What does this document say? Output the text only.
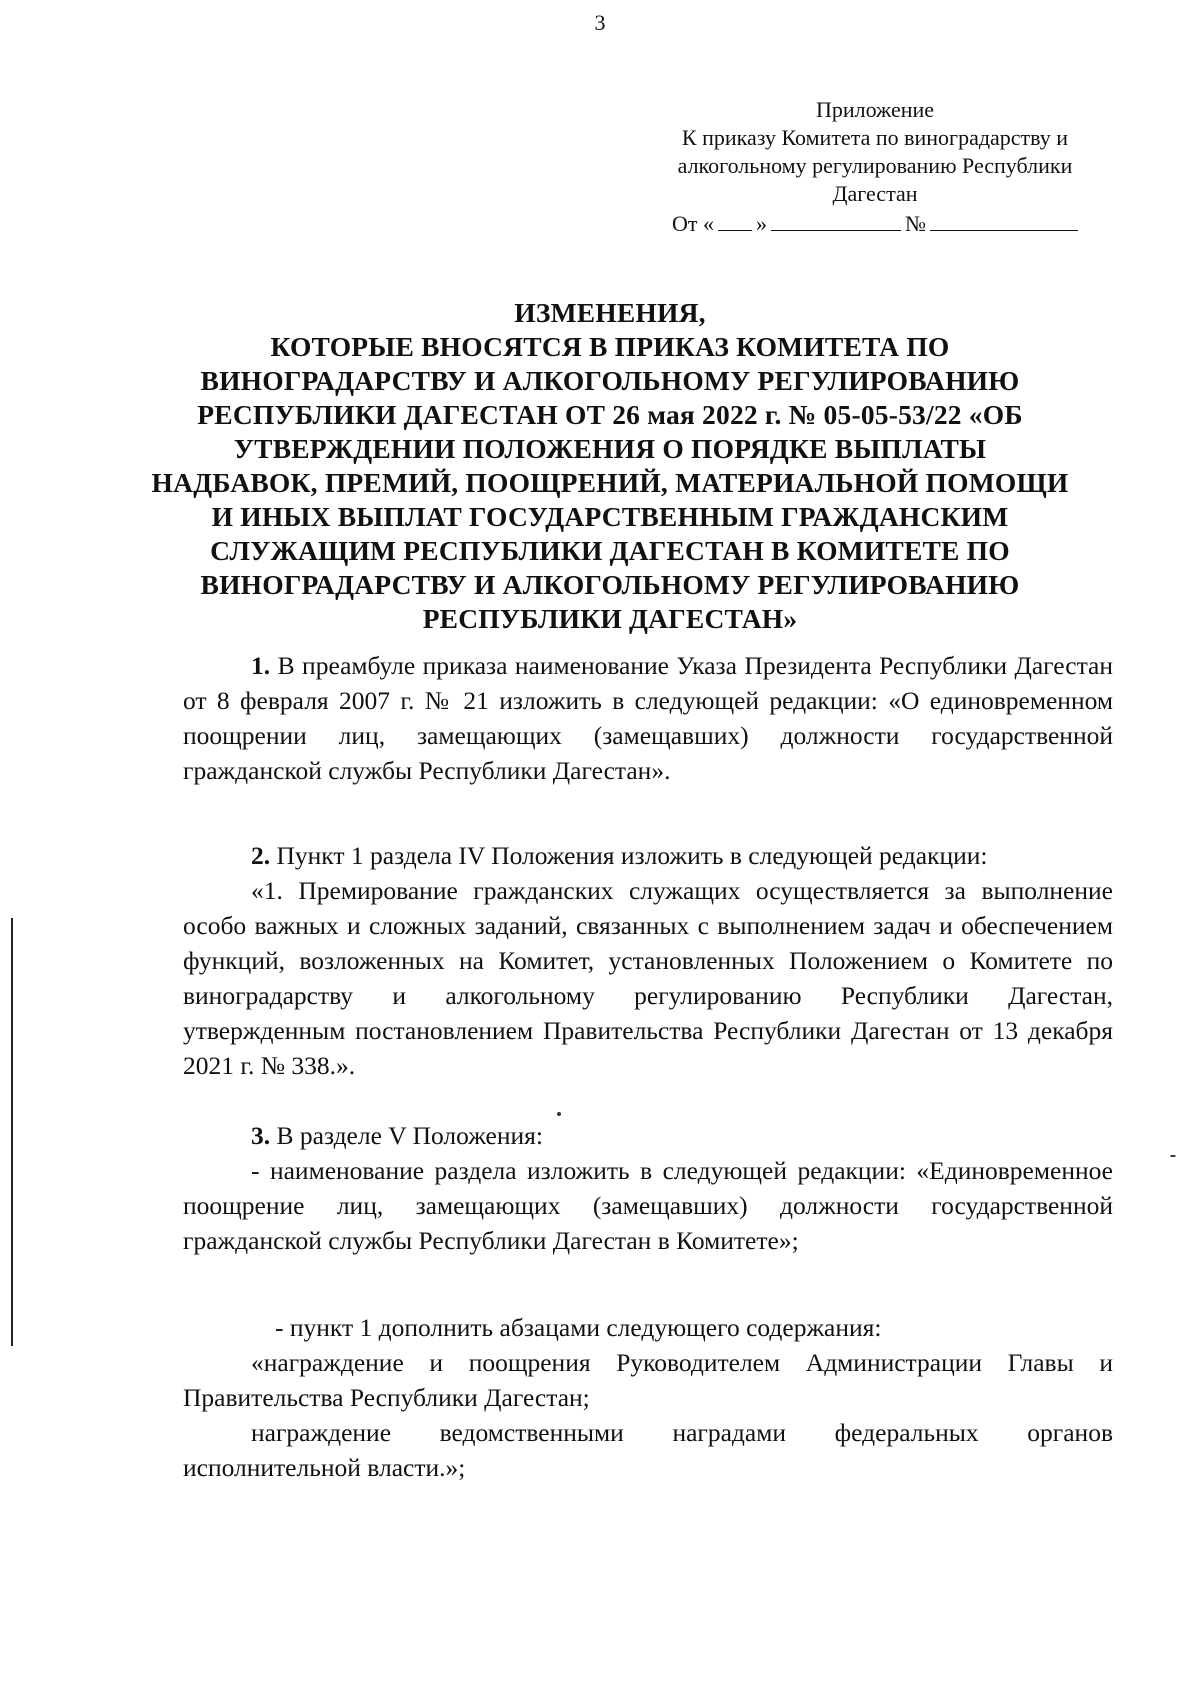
3
Приложение
К приказу Комитета по виноградарству и
алкогольному регулированию Республики
Дагестан
От « »	№
ИЗМЕНЕНИЯ,
КОТОРЫЕ ВНОСЯТСЯ В ПРИКАЗ КОМИТЕТА ПО
ВИНОГРАДАРСТВУ И АЛКОГОЛЬНОМУ РЕГУЛИРОВАНИЮ
РЕСПУБЛИКИ ДАГЕСТАН ОТ 26 мая 2022 г. № 05-05-53/22 «ОБ
УТВЕРЖДЕНИИ ПОЛОЖЕНИЯ О ПОРЯДКЕ ВЫПЛАТЫ
НАДБАВОК, ПРЕМИЙ, ПООЩРЕНИЙ, МАТЕРИАЛЬНОЙ ПОМОЩИ
И ИНЫХ ВЫПЛАТ ГОСУДАРСТВЕННЫМ ГРАЖДАНСКИМ
СЛУЖАЩИМ РЕСПУБЛИКИ ДАГЕСТАН В КОМИТЕТЕ ПО
ВИНОГРАДАРСТВУ И АЛКОГОЛЬНОМУ РЕГУЛИРОВАНИЮ
РЕСПУБЛИКИ ДАГЕСТАН»

1. В преамбуле приказа наименование Указа Президента Республики Дагестан от 8 февраля 2007 г. № 21 изложить в следующей редакции: «О единовременном поощрении лиц, замещающих (замещавших) должности государственной гражданской службы Республики Дагестан».

2. Пункт 1 раздела IV Положения изложить в следующей редакции:

«1. Премирование гражданских служащих осуществляется за выполнение особо важных и сложных заданий, связанных с выполнением задач и обеспечением функций, возложенных на Комитет, установленных Положением о Комитете по виноградарству и алкогольному регулированию Республики Дагестан, утвержденным постановлением Правительства Республики Дагестан от 13 декабря 2021 г. № 338.».

3. В разделе V Положения:

- наименование раздела изложить в следующей редакции: «Единовременное поощрение лиц, замещающих (замещавших) должности государственной гражданской службы Республики Дагестан в Комитете»;

- пункт 1 дополнить абзацами следующего содержания:

«награждение и поощрения Руководителем Администрации Главы и Правительства Республики Дагестан;

награждение ведомственными наградами федеральных органов исполнительной власти.»;
